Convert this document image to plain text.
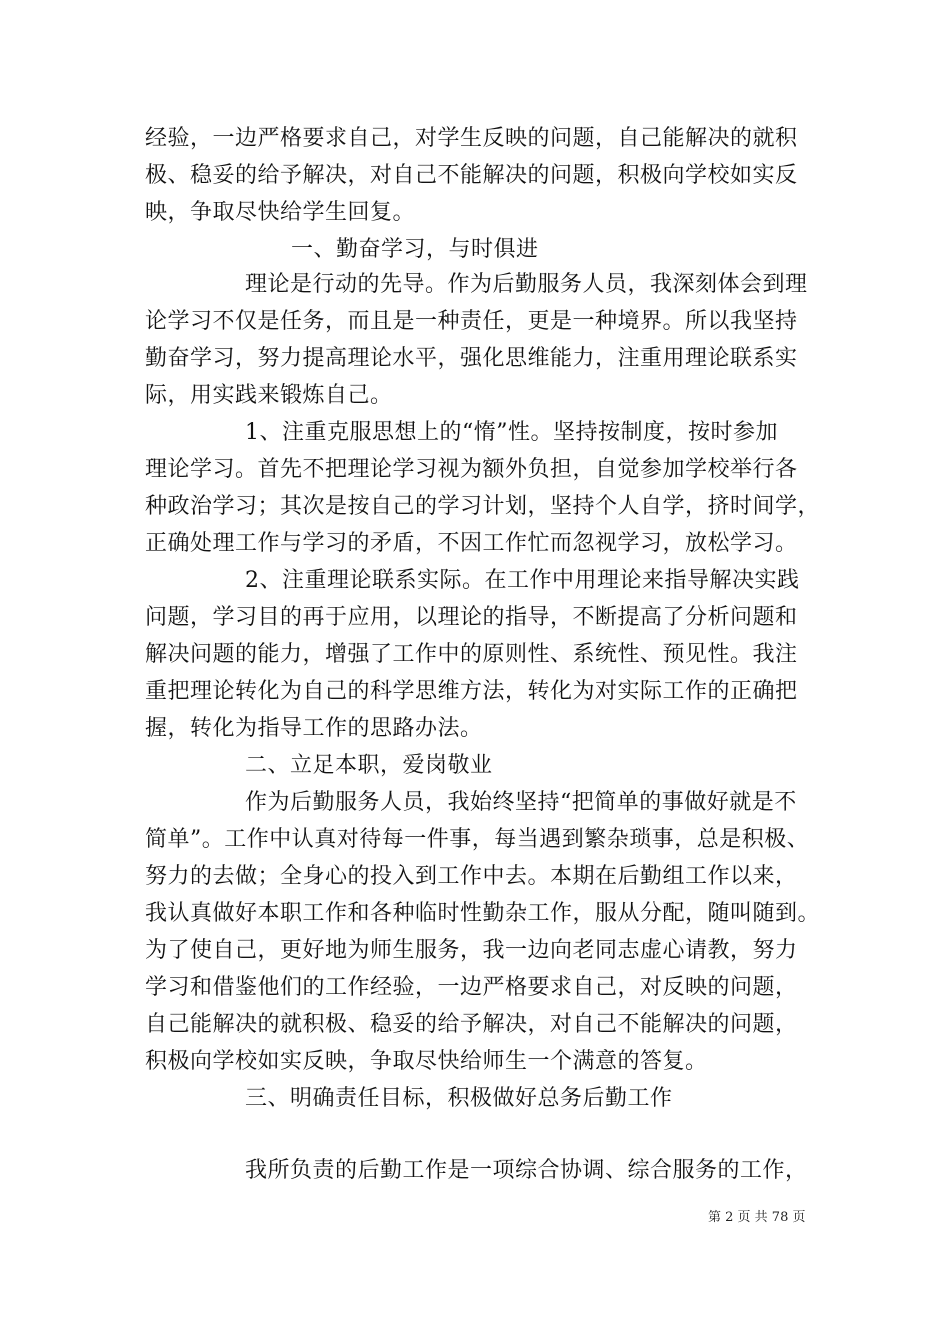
经验，一边严格要求自己，对学生反映的问题，自己能解决的就积
极、稳妥的给予解决，对自己不能解决的问题，积极向学校如实反
映，争取尽快给学生回复。
一、勤奋学习，与时俱进
理论是行动的先导。作为后勤服务人员，我深刻体会到理
论学习不仅是任务，而且是一种责任，更是一种境界。所以我坚持
勤奋学习，努力提高理论水平，强化思维能力，注重用理论联系实
际，用实践来锻炼自己。
1、注重克服思想上的“惰”性。坚持按制度，按时参加
理论学习。首先不把理论学习视为额外负担，自觉参加学校举行各
种政治学习；其次是按自己的学习计划，坚持个人自学，挤时间学，
正确处理工作与学习的矛盾，不因工作忙而忽视学习，放松学习。
2、注重理论联系实际。在工作中用理论来指导解决实践
问题，学习目的再于应用，以理论的指导，不断提高了分析问题和
解决问题的能力，增强了工作中的原则性、系统性、预见性。我注
重把理论转化为自己的科学思维方法，转化为对实际工作的正确把
握，转化为指导工作的思路办法。
二、立足本职，爱岗敬业
作为后勤服务人员，我始终坚持“把简单的事做好就是不
简单”。工作中认真对待每一件事，每当遇到繁杂琐事，总是积极、
努力的去做；全身心的投入到工作中去。本期在后勤组工作以来，
我认真做好本职工作和各种临时性勤杂工作，服从分配，随叫随到。
为了使自己，更好地为师生服务，我一边向老同志虚心请教，努力
学习和借鉴他们的工作经验，一边严格要求自己，对反映的问题，
自己能解决的就积极、稳妥的给予解决，对自己不能解决的问题，
积极向学校如实反映，争取尽快给师生一个满意的答复。
三、明确责任目标，积极做好总务后勤工作
我所负责的后勤工作是一项综合协调、综合服务的工作，
第 2 页 共 78 页
